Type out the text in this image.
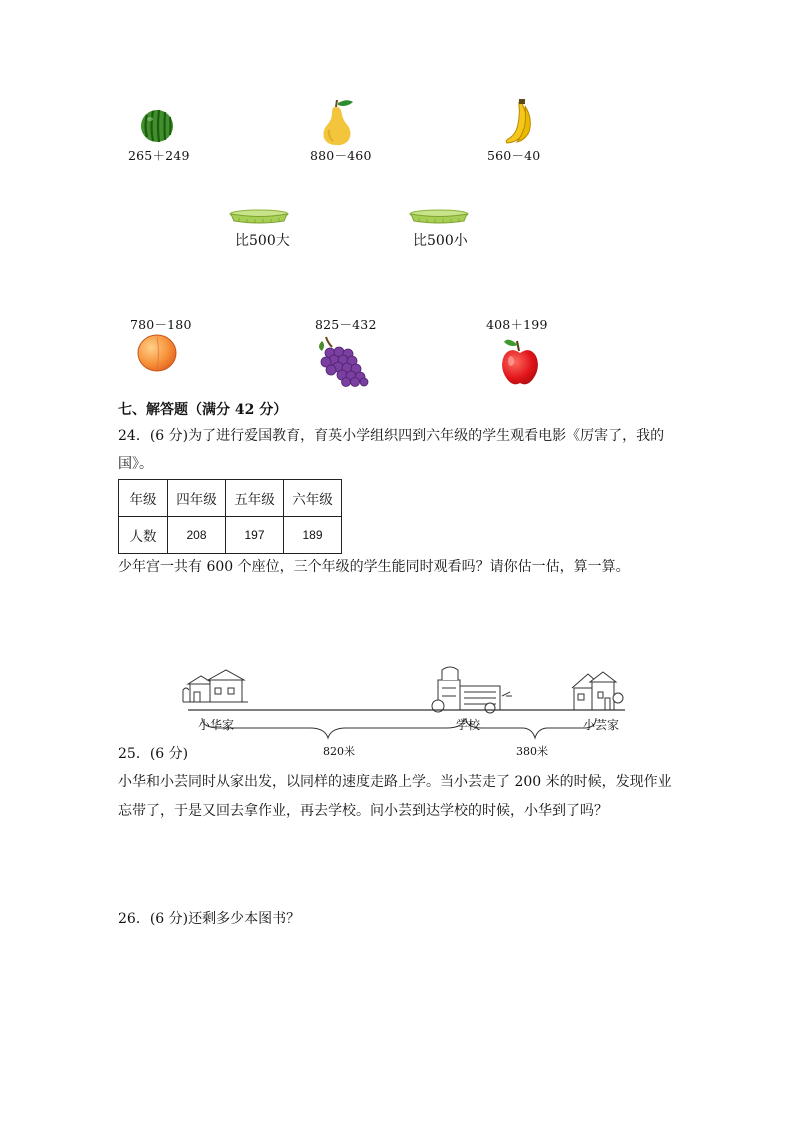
265＋249	880－460	560－40
比500大	比500小
780－180	825－432	408＋199
七、解答题（满分 42 分）
24．(6 分)为了进行爱国教育，育英小学组织四到六年级的学生观看电影《厉害了，我的
国》。
年级	四年级	五年级	六年级
人数	208	197	189
少年宫一共有 600 个座位，三个年级的学生能同时观看吗？请你估一估，算一算。
小华家	学校	小芸家
820米	380米
25．(6 分)
小华和小芸同时从家出发，以同样的速度走路上学。当小芸走了 200 米的时候，发现作业
忘带了，于是又回去拿作业，再去学校。问小芸到达学校的时候，小华到了吗？
26．(6 分)还剩多少本图书？
